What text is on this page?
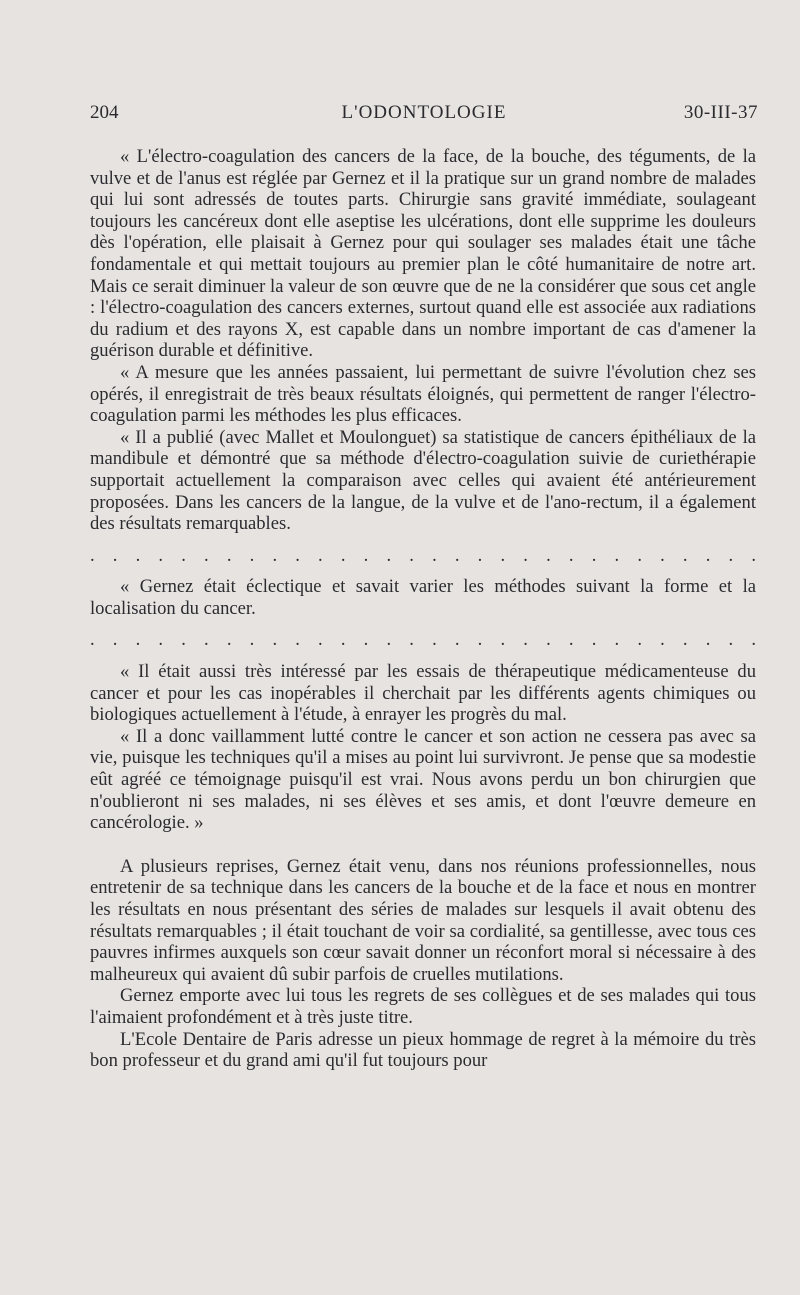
204	L'ODONTOLOGIE	30-III-37

« L'électro-coagulation des cancers de la face, de la bouche, des téguments, de la vulve et de l'anus est réglée par Gernez et il la pratique sur un grand nombre de malades qui lui sont adressés de toutes parts. Chirurgie sans gravité immédiate, soulageant toujours les cancéreux dont elle aseptise les ulcérations, dont elle supprime les douleurs dès l'opération, elle plaisait à Gernez pour qui soulager ses malades était une tâche fondamentale et qui mettait toujours au premier plan le côté humanitaire de notre art. Mais ce serait diminuer la valeur de son œuvre que de ne la considérer que sous cet angle : l'électro-coagulation des cancers externes, surtout quand elle est associée aux radiations du radium et des rayons X, est capable dans un nombre important de cas d'amener la guérison durable et définitive.

« A mesure que les années passaient, lui permettant de suivre l'évolution chez ses opérés, il enregistrait de très beaux résultats éloignés, qui permettent de ranger l'électro-coagulation parmi les méthodes les plus efficaces.

« Il a publié (avec Mallet et Moulonguet) sa statistique de cancers épithéliaux de la mandibule et démontré que sa méthode d'électro-coagulation suivie de curiethérapie supportait actuellement la comparaison avec celles qui avaient été antérieurement proposées. Dans les cancers de la langue, de la vulve et de l'ano-rectum, il a également des résultats remarquables.

. . . . . . . . . . . . . . . . . . . . . . . . . . . . . .

« Gernez était éclectique et savait varier les méthodes suivant la forme et la localisation du cancer.

. . . . . . . . . . . . . . . . . . . . . . . . . . . . . .

« Il était aussi très intéressé par les essais de thérapeutique médicamenteuse du cancer et pour les cas inopérables il cherchait par les différents agents chimiques ou biologiques actuellement à l'étude, à enrayer les progrès du mal.

« Il a donc vaillamment lutté contre le cancer et son action ne cessera pas avec sa vie, puisque les techniques qu'il a mises au point lui survivront. Je pense que sa modestie eût agréé ce témoignage puisqu'il est vrai. Nous avons perdu un bon chirurgien que n'oublieront ni ses malades, ni ses élèves et ses amis, et dont l'œuvre demeure en cancérologie. »

A plusieurs reprises, Gernez était venu, dans nos réunions professionnelles, nous entretenir de sa technique dans les cancers de la bouche et de la face et nous en montrer les résultats en nous présentant des séries de malades sur lesquels il avait obtenu des résultats remarquables ; il était touchant de voir sa cordialité, sa gentillesse, avec tous ces pauvres infirmes auxquels son cœur savait donner un réconfort moral si nécessaire à des malheureux qui avaient dû subir parfois de cruelles mutilations.

Gernez emporte avec lui tous les regrets de ses collègues et de ses malades qui tous l'aimaient profondément et à très juste titre.

L'Ecole Dentaire de Paris adresse un pieux hommage de regret à la mémoire du très bon professeur et du grand ami qu'il fut toujours pour
